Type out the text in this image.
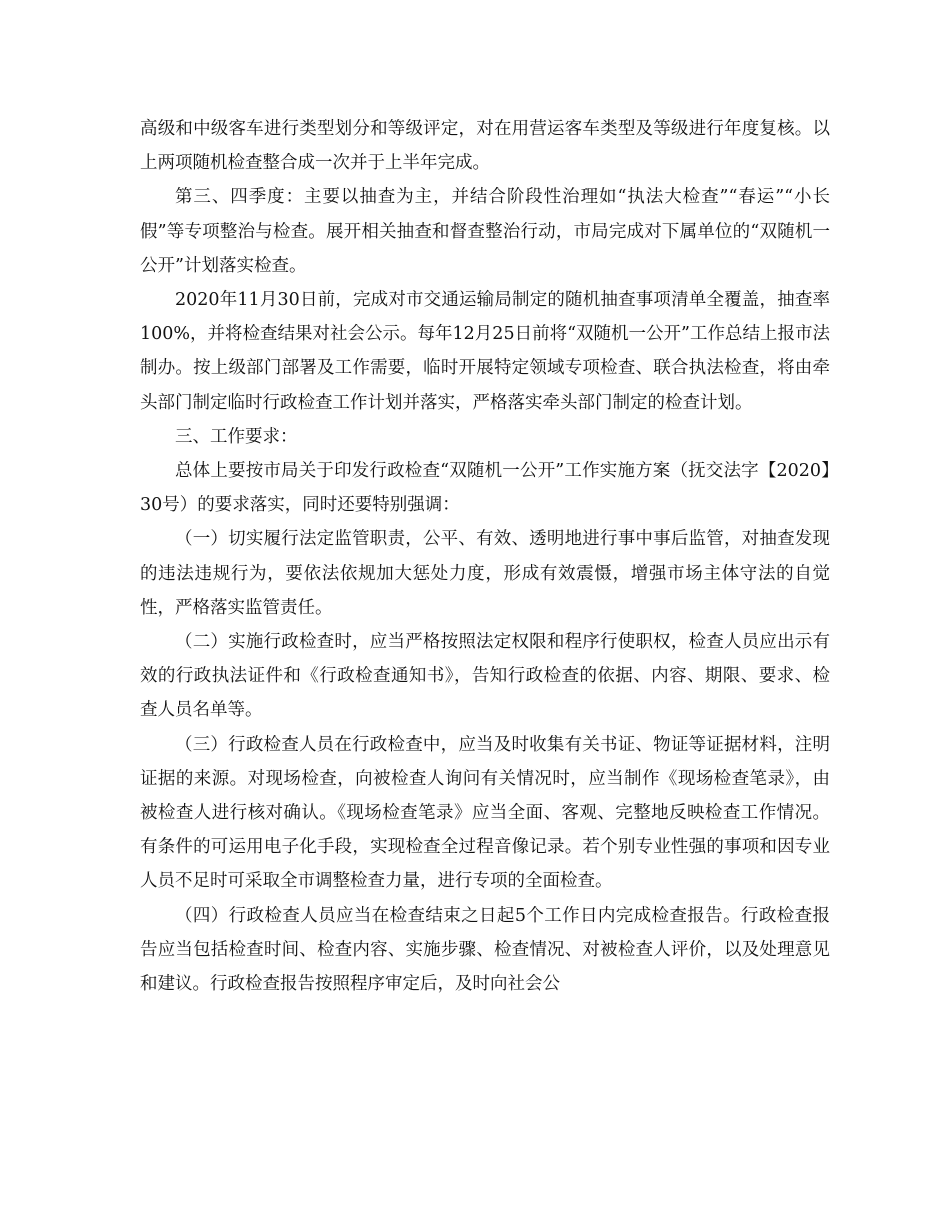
高级和中级客车进行类型划分和等级评定，对在用营运客车类型及等级进行年度复核。以上两项随机检查整合成一次并于上半年完成。

第三、四季度：主要以抽查为主，并结合阶段性治理如“执法大检查”“春运”“小长假”等专项整治与检查。展开相关抽查和督查整治行动，市局完成对下属单位的“双随机一公开”计划落实检查。

2020年11月30日前，完成对市交通运输局制定的随机抽查事项清单全覆盖，抽查率100%，并将检查结果对社会公示。每年12月25日前将“双随机一公开”工作总结上报市法制办。按上级部门部署及工作需要，临时开展特定领域专项检查、联合执法检查，将由牵头部门制定临时行政检查工作计划并落实，严格落实牵头部门制定的检查计划。

三、工作要求：

总体上要按市局关于印发行政检查“双随机一公开”工作实施方案（抚交法字【2020】30号）的要求落实，同时还要特别强调：

（一）切实履行法定监管职责，公平、有效、透明地进行事中事后监管，对抽查发现的违法违规行为，要依法依规加大惩处力度，形成有效震慑，增强市场主体守法的自觉性，严格落实监管责任。

（二）实施行政检查时，应当严格按照法定权限和程序行使职权，检查人员应出示有效的行政执法证件和《行政检查通知书》，告知行政检查的依据、内容、期限、要求、检查人员名单等。

（三）行政检查人员在行政检查中，应当及时收集有关书证、物证等证据材料，注明证据的来源。对现场检查，向被检查人询问有关情况时，应当制作《现场检查笔录》，由被检查人进行核对确认。《现场检查笔录》应当全面、客观、完整地反映检查工作情况。有条件的可运用电子化手段，实现检查全过程音像记录。若个别专业性强的事项和因专业人员不足时可采取全市调整检查力量，进行专项的全面检查。

（四）行政检查人员应当在检查结束之日起5个工作日内完成检查报告。行政检查报告应当包括检查时间、检查内容、实施步骤、检查情况、对被检查人评价，以及处理意见和建议。行政检查报告按照程序审定后，及时向社会公
